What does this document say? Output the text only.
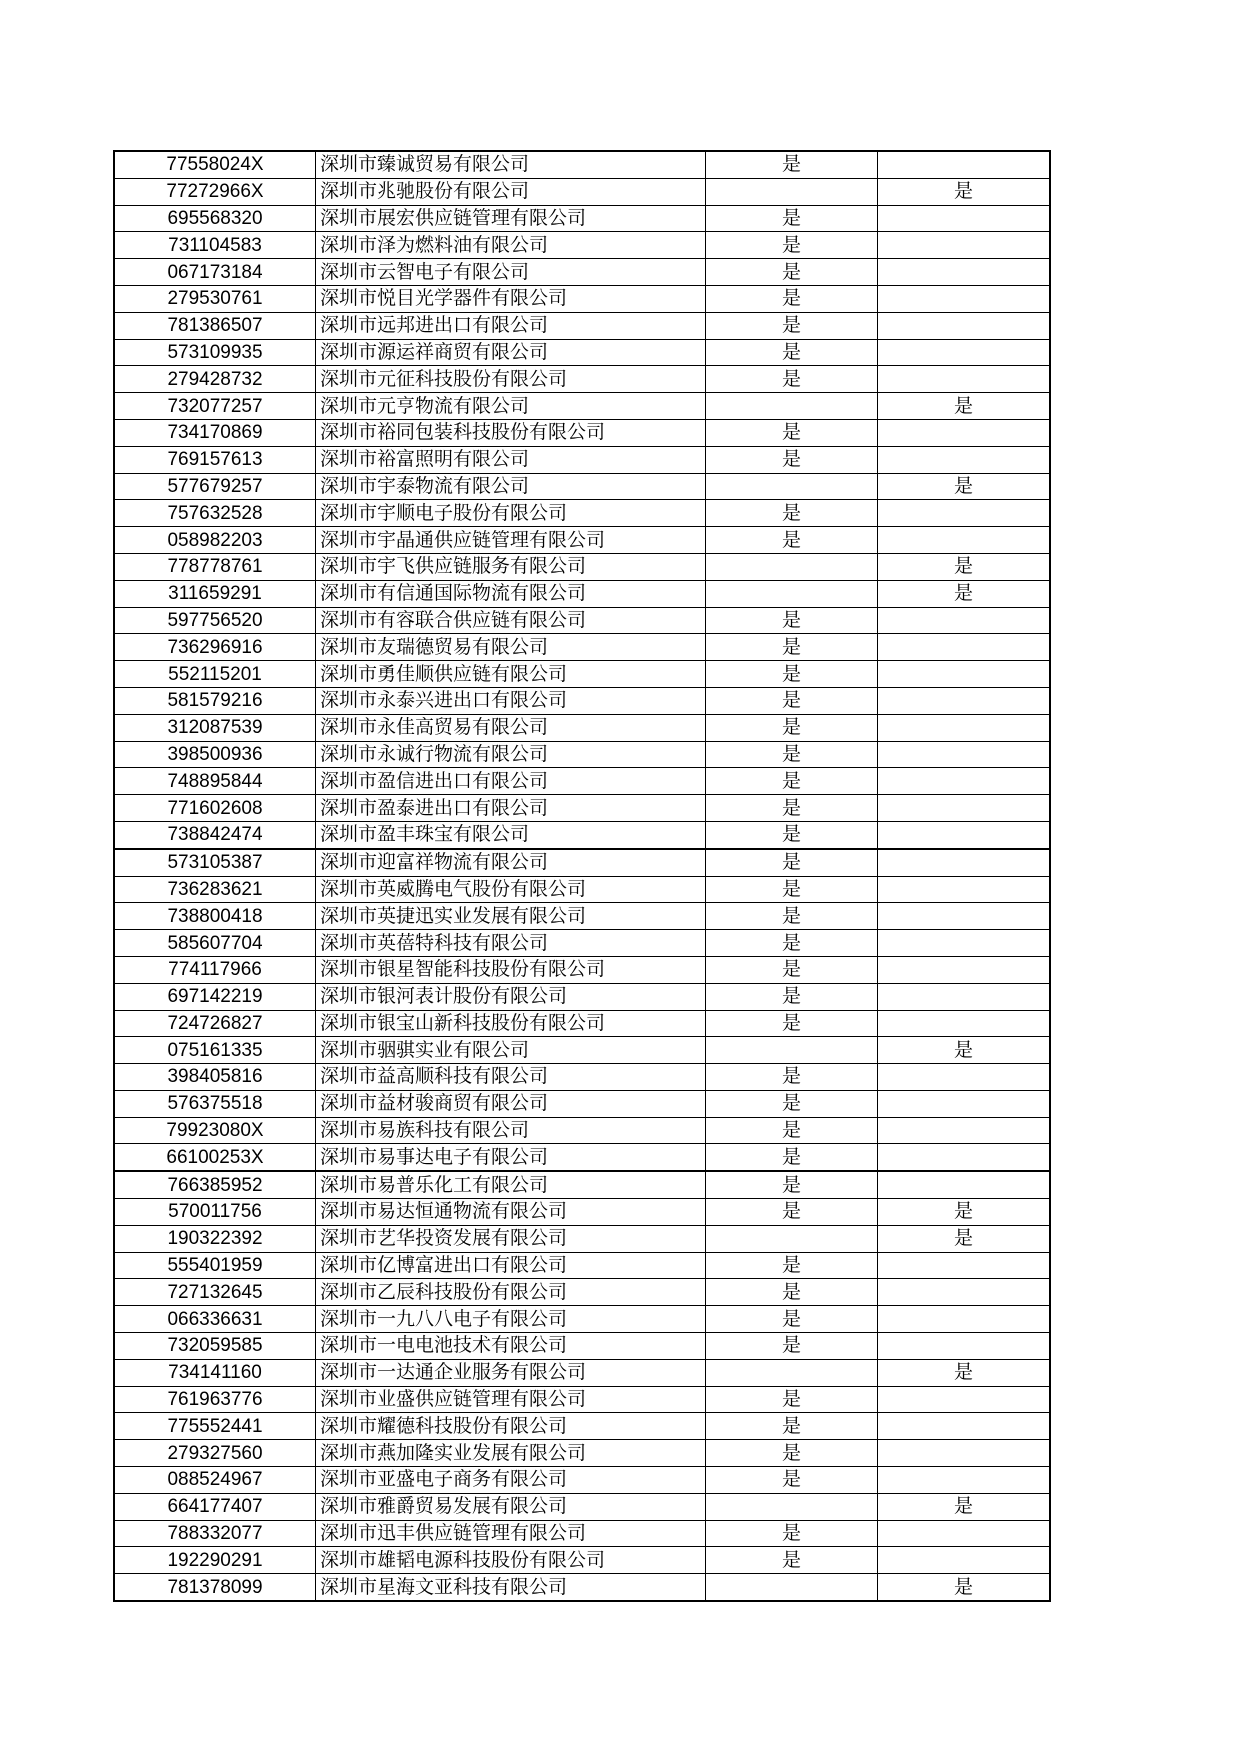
77558024X	深圳市臻诚贸易有限公司	是	
77272966X	深圳市兆驰股份有限公司		是
695568320	深圳市展宏供应链管理有限公司	是	
731104583	深圳市泽为燃料油有限公司	是	
067173184	深圳市云智电子有限公司	是	
279530761	深圳市悦目光学器件有限公司	是	
781386507	深圳市远邦进出口有限公司	是	
573109935	深圳市源运祥商贸有限公司	是	
279428732	深圳市元征科技股份有限公司	是	
732077257	深圳市元亨物流有限公司		是
734170869	深圳市裕同包装科技股份有限公司	是	
769157613	深圳市裕富照明有限公司	是	
577679257	深圳市宇泰物流有限公司		是
757632528	深圳市宇顺电子股份有限公司	是	
058982203	深圳市宇晶通供应链管理有限公司	是	
778778761	深圳市宇飞供应链服务有限公司		是
311659291	深圳市有信通国际物流有限公司		是
597756520	深圳市有容联合供应链有限公司	是	
736296916	深圳市友瑞德贸易有限公司	是	
552115201	深圳市勇佳顺供应链有限公司	是	
581579216	深圳市永泰兴进出口有限公司	是	
312087539	深圳市永佳高贸易有限公司	是	
398500936	深圳市永诚行物流有限公司	是	
748895844	深圳市盈信进出口有限公司	是	
771602608	深圳市盈泰进出口有限公司	是	
738842474	深圳市盈丰珠宝有限公司	是	
573105387	深圳市迎富祥物流有限公司	是	
736283621	深圳市英威腾电气股份有限公司	是	
738800418	深圳市英捷迅实业发展有限公司	是	
585607704	深圳市英蓓特科技有限公司	是	
774117966	深圳市银星智能科技股份有限公司	是	
697142219	深圳市银河表计股份有限公司	是	
724726827	深圳市银宝山新科技股份有限公司	是	
075161335	深圳市骃骐实业有限公司		是
398405816	深圳市益高顺科技有限公司	是	
576375518	深圳市益材骏商贸有限公司	是	
79923080X	深圳市易族科技有限公司	是	
66100253X	深圳市易事达电子有限公司	是	
766385952	深圳市易普乐化工有限公司	是	
570011756	深圳市易达恒通物流有限公司	是	是
190322392	深圳市艺华投资发展有限公司		是
555401959	深圳市亿博富进出口有限公司	是	
727132645	深圳市乙辰科技股份有限公司	是	
066336631	深圳市一九八八电子有限公司	是	
732059585	深圳市一电电池技术有限公司	是	
734141160	深圳市一达通企业服务有限公司		是
761963776	深圳市业盛供应链管理有限公司	是	
775552441	深圳市耀德科技股份有限公司	是	
279327560	深圳市燕加隆实业发展有限公司	是	
088524967	深圳市亚盛电子商务有限公司	是	
664177407	深圳市雅爵贸易发展有限公司		是
788332077	深圳市迅丰供应链管理有限公司	是	
192290291	深圳市雄韬电源科技股份有限公司	是	
781378099	深圳市星海文亚科技有限公司		是
